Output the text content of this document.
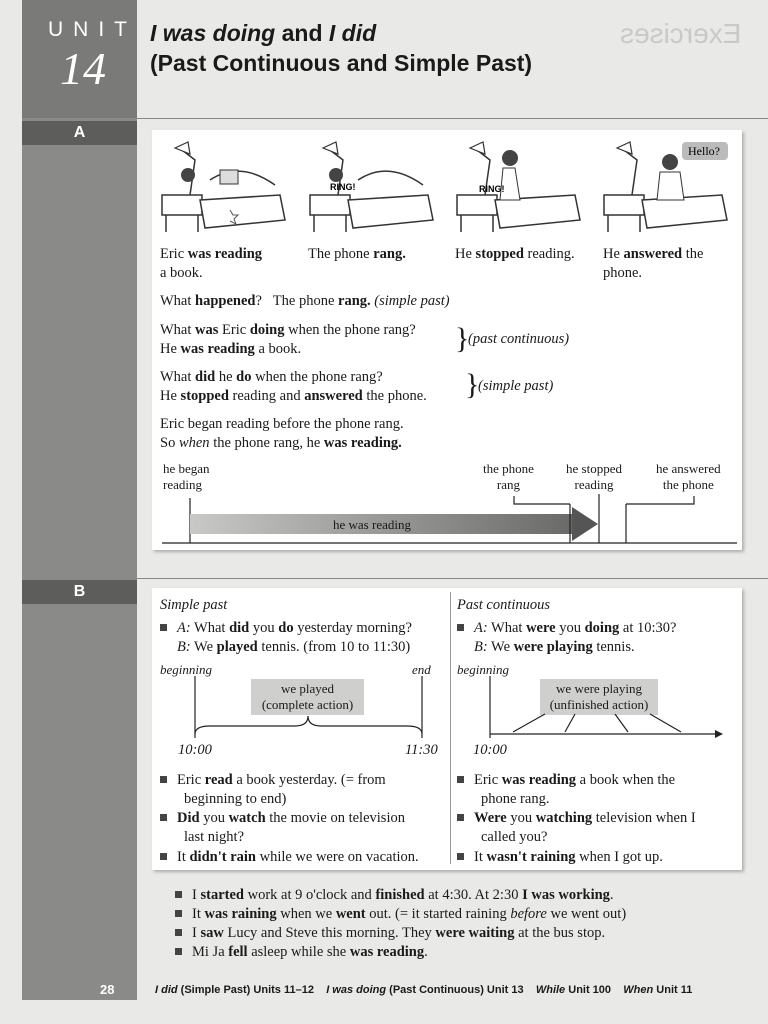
UNIT
14
A
B
28
Exercises
I was doing and I did
(Past Continuous and Simple Past)
RING!	RING!
Hello?
Eric was reading
a book.
The phone rang.	He stopped reading. He answered the
phone.
What happened? The phone rang. (simple past)
What was Eric doing when the phone rang?
He was reading a book.	}
(past continuous)
What did he do when the phone rang?
He stopped reading and answered the phone. }
(simple past)
Eric began reading before the phone rang.
So when the phone rang, he was reading.
he began
reading
the phone
rang
he stopped
reading
he answered
the phone
he was reading
Simple past
A: What did you do yesterday morning?
B: We played tennis. (from 10 to 11:30)
beginning	end
we played
(complete action)
10:00	11:30
Eric read a book yesterday. (= from
beginning to end)
Did you watch the movie on television
last night?
It didn't rain while we were on vacation.
Past continuous
A: What were you doing at 10:30?
B: We were playing tennis.
beginning
we were playing
(unfinished action)
10:00
Eric was reading a book when the
phone rang.
Were you watching television when I
called you?
It wasn't raining when I got up.
I started work at 9 o'clock and finished at 4:30. At 2:30 I was working.
It was raining when we went out. (= it started raining before we went out)
I saw Lucy and Steve this morning. They were waiting at the bus stop.
Mi Ja fell asleep while she was reading.
I did (Simple Past) Units 11–12 I was doing (Past Continuous) Unit 13 While Unit 100 When Unit 11
